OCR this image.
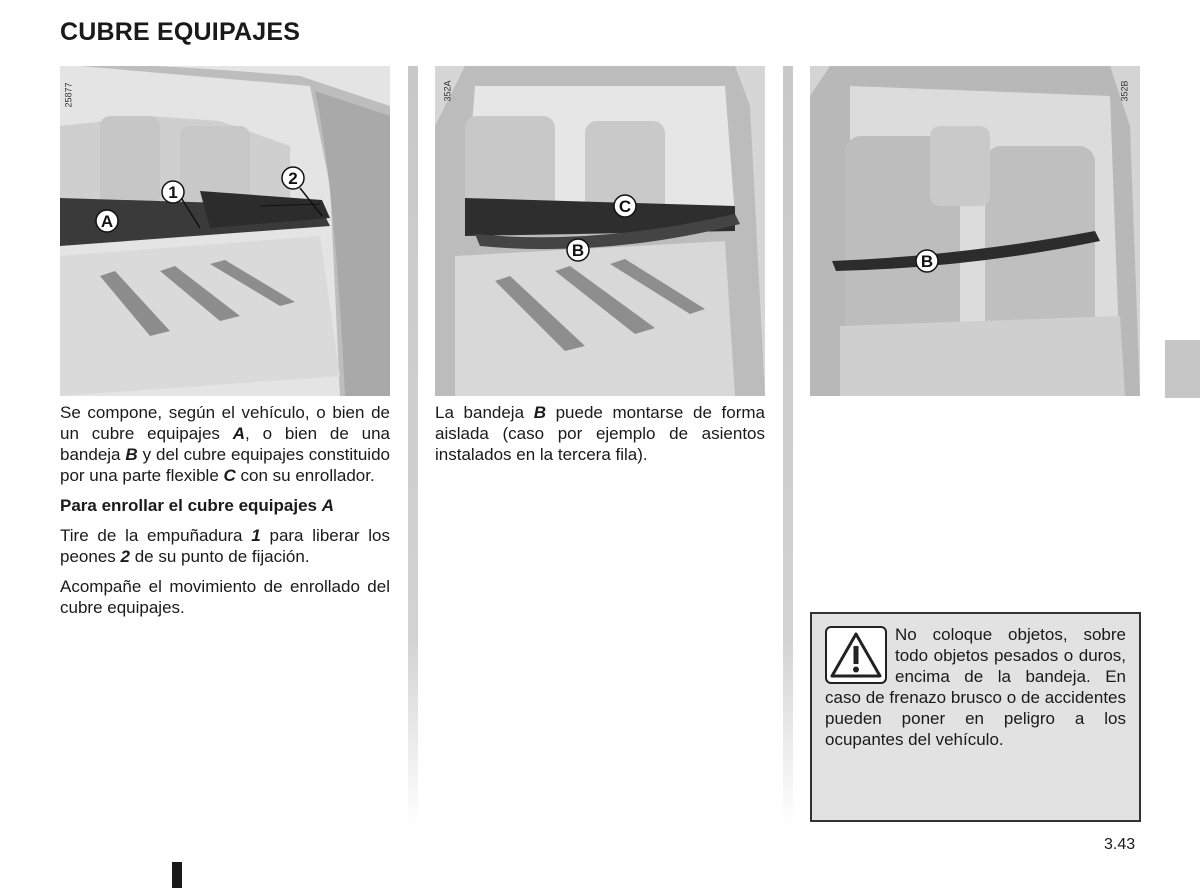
CUBRE EQUIPAJES
A
1
2
25877
C
B
352A
B
352B

Se compone, según el vehículo, o bien de un cubre equipajes A, o bien de una bandeja B y del cubre equipajes constituido por una parte flexible C con su enrollador.

Para enrollar el cubre equipajes A

Tire de la empuñadura 1 para liberar los peones 2 de su punto de fijación.

Acompañe el movimiento de enrollado del cubre equipajes.

La bandeja B puede montarse de forma aislada (caso por ejemplo de asientos instalados en la tercera fila).

No coloque objetos, sobre todo objetos pesados o duros, encima de la bandeja. En caso de frenazo brusco o de accidentes pueden poner en peligro a los ocupantes del vehículo.
3.43
